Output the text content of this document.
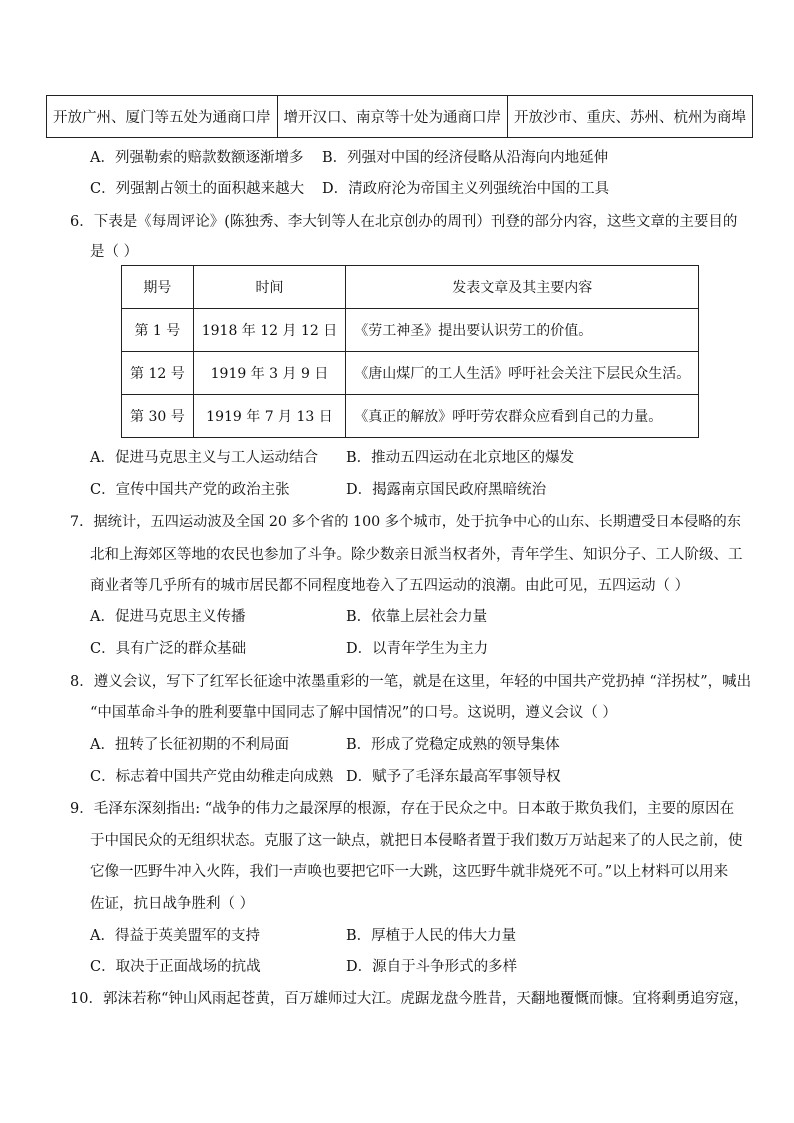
开放广州、厦门等五处为通商口岸	增开汉口、南京等十处为通商口岸	开放沙市、重庆、苏州、杭州为商埠
A．列强勒索的赔款数额逐渐增多 B．列强对中国的经济侵略从沿海向内地延伸
C．列强割占领土的面积越来越大 D．清政府沦为帝国主义列强统治中国的工具
6．下表是《每周评论》(陈独秀、李大钊等人在北京创办的周刊）刊登的部分内容，这些文章的主要目的
是（ ）
期号	时间	发表文章及其主要内容
第 1 号	1918 年 12 月 12 日	《劳工神圣》提出要认识劳工的价值。
第 12 号	1919 年 3 月 9 日	《唐山煤厂的工人生活》呼吁社会关注下层民众生活。
第 30 号	1919 年 7 月 13 日	《真正的解放》呼吁劳农群众应看到自己的力量。
A．促进马克思主义与工人运动结合 B．推动五四运动在北京地区的爆发
C．宣传中国共产党的政治主张	D．揭露南京国民政府黑暗统治
7．据统计，五四运动波及全国 20 多个省的 100 多个城市，处于抗争中心的山东、长期遭受日本侵略的东
北和上海郊区等地的农民也参加了斗争。除少数亲日派当权者外，青年学生、知识分子、工人阶级、工
商业者等几乎所有的城市居民都不同程度地卷入了五四运动的浪潮。由此可见，五四运动（ ）
A．促进马克思主义传播	B．依靠上层社会力量
C．具有广泛的群众基础	D．以青年学生为主力
8．遵义会议，写下了红军长征途中浓墨重彩的一笔，就是在这里，年轻的中国共产党扔掉 “洋拐杖”，喊出
“中国革命斗争的胜利要靠中国同志了解中国情况”的口号。这说明，遵义会议（ ）
A．扭转了长征初期的不利局面	B．形成了党稳定成熟的领导集体
C．标志着中国共产党由幼稚走向成熟 D．赋予了毛泽东最高军事领导权
9．毛泽东深刻指出: “战争的伟力之最深厚的根源，存在于民众之中。日本敢于欺负我们，主要的原因在
于中国民众的无组织状态。克服了这一缺点，就把日本侵略者置于我们数万万站起来了的人民之前，使
它像一匹野牛冲入火阵，我们一声唤也要把它吓一大跳，这匹野牛就非烧死不可。”以上材料可以用来
佐证，抗日战争胜利（ ）
A．得益于英美盟军的支持	B．厚植于人民的伟大力量
C．取决于正面战场的抗战	D．源自于斗争形式的多样
10．郭沫若称“钟山风雨起苍黄，百万雄师过大江。虎踞龙盘今胜昔，天翻地覆慨而慷。宜将剩勇追穷寇，
